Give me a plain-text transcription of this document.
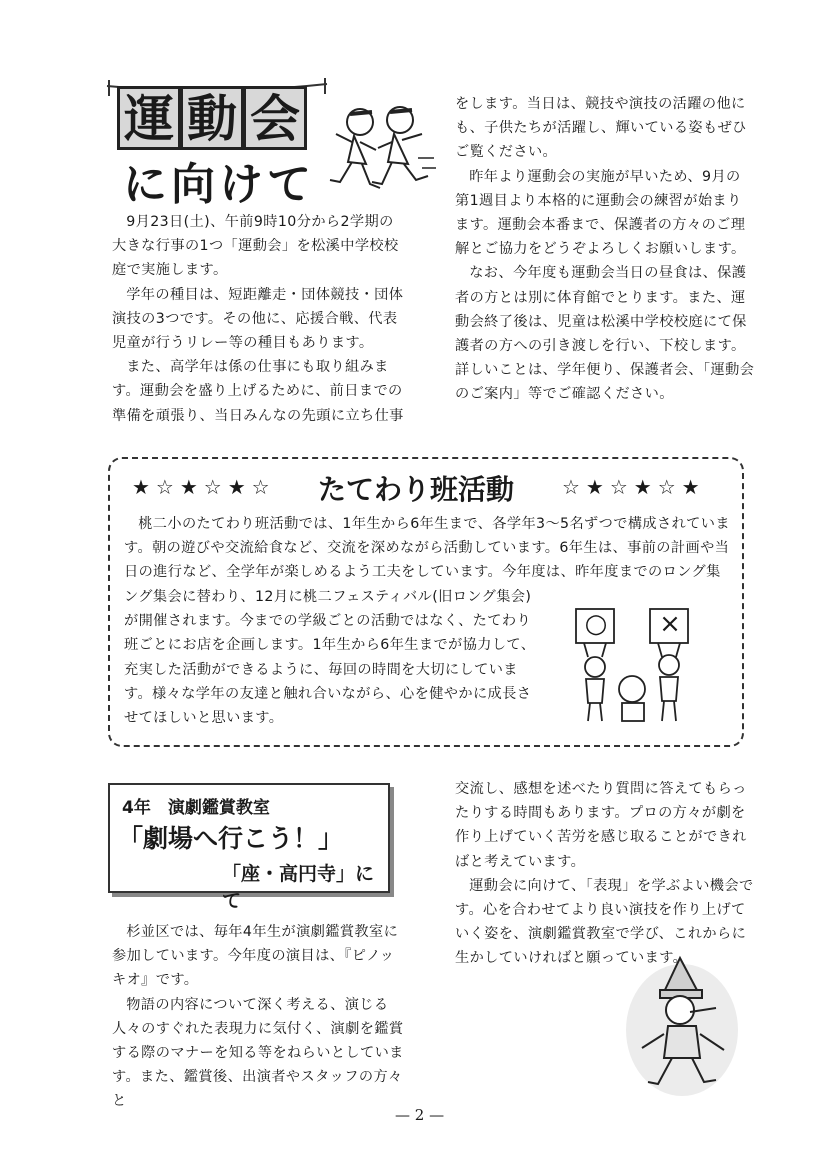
運 動 会
に向けて

9月23日(土)、午前9時10分から2学期の大きな行事の1つ「運動会」を松溪中学校校庭で実施します。

学年の種目は、短距離走・団体競技・団体演技の3つです。その他に、応援合戦、代表児童が行うリレー等の種目もあります。

また、高学年は係の仕事にも取り組みます。運動会を盛り上げるために、前日までの準備を頑張り、当日みんなの先頭に立ち仕事

をします。当日は、競技や演技の活躍の他にも、子供たちが活躍し、輝いている姿もぜひご覧ください。

昨年より運動会の実施が早いため、9月の第1週目より本格的に運動会の練習が始まります。運動会本番まで、保護者の方々のご理解とご協力をどうぞよろしくお願いします。

なお、今年度も運動会当日の昼食は、保護者の方とは別に体育館でとります。また、運動会終了後は、児童は松溪中学校校庭にて保護者の方への引き渡しを行い、下校します。詳しいことは、学年便り、保護者会、「運動会のご案内」等でご確認ください。

★☆★☆★☆ たてわり班活動 ☆★☆★☆★

桃二小のたてわり班活動では、1年生から6年生まで、各学年3～5名ずつで構成されています。朝の遊びや交流給食など、交流を深めながら活動しています。6年生は、事前の計画や当日の進行など、全学年が楽しめるよう工夫をしています。今年度は、昨年度までのロング集

○ ×
4年　演劇鑑賞教室
「劇場へ行こう！」
「座・高円寺」にて

杉並区では、毎年4年生が演劇鑑賞教室に参加しています。今年度の演目は、『ピノッキオ』です。

物語の内容について深く考える、演じる人々のすぐれた表現力に気付く、演劇を鑑賞する際のマナーを知る等をねらいとしています。また、鑑賞後、出演者やスタッフの方々と

交流し、感想を述べたり質問に答えてもらったりする時間もあります。プロの方々が劇を作り上げていく苦労を感じ取ることができればと考えています。

運動会に向けて、「表現」を学ぶよい機会です。心を合わせてより良い演技を作り上げていく姿を、演劇鑑賞教室で学び、これからに生かしていければと願っています。

— 2 —

ング集会に替わり、12月に桃二フェスティバル(旧ロング集会)が開催されます。今までの学級ごとの活動ではなく、たてわり班ごとにお店を企画します。1年生から6年生までが協力して、充実した活動ができるように、毎回の時間を大切にしています。様々な学年の友達と触れ合いながら、心を健やかに成長させてほしいと思います。
